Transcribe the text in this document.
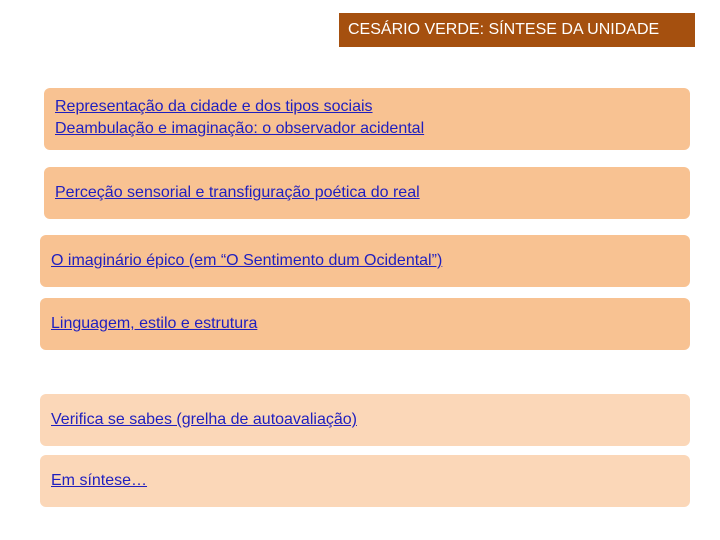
CESÁRIO VERDE: SÍNTESE DA UNIDADE
Representação da cidade e dos tipos sociais
Deambulação e imaginação: o observador acidental
Perceção sensorial e transfiguração poética do real
O imaginário épico (em “O Sentimento dum Ocidental”)
Linguagem, estilo e estrutura
Verifica se sabes (grelha de autoavaliação)
Em síntese…
